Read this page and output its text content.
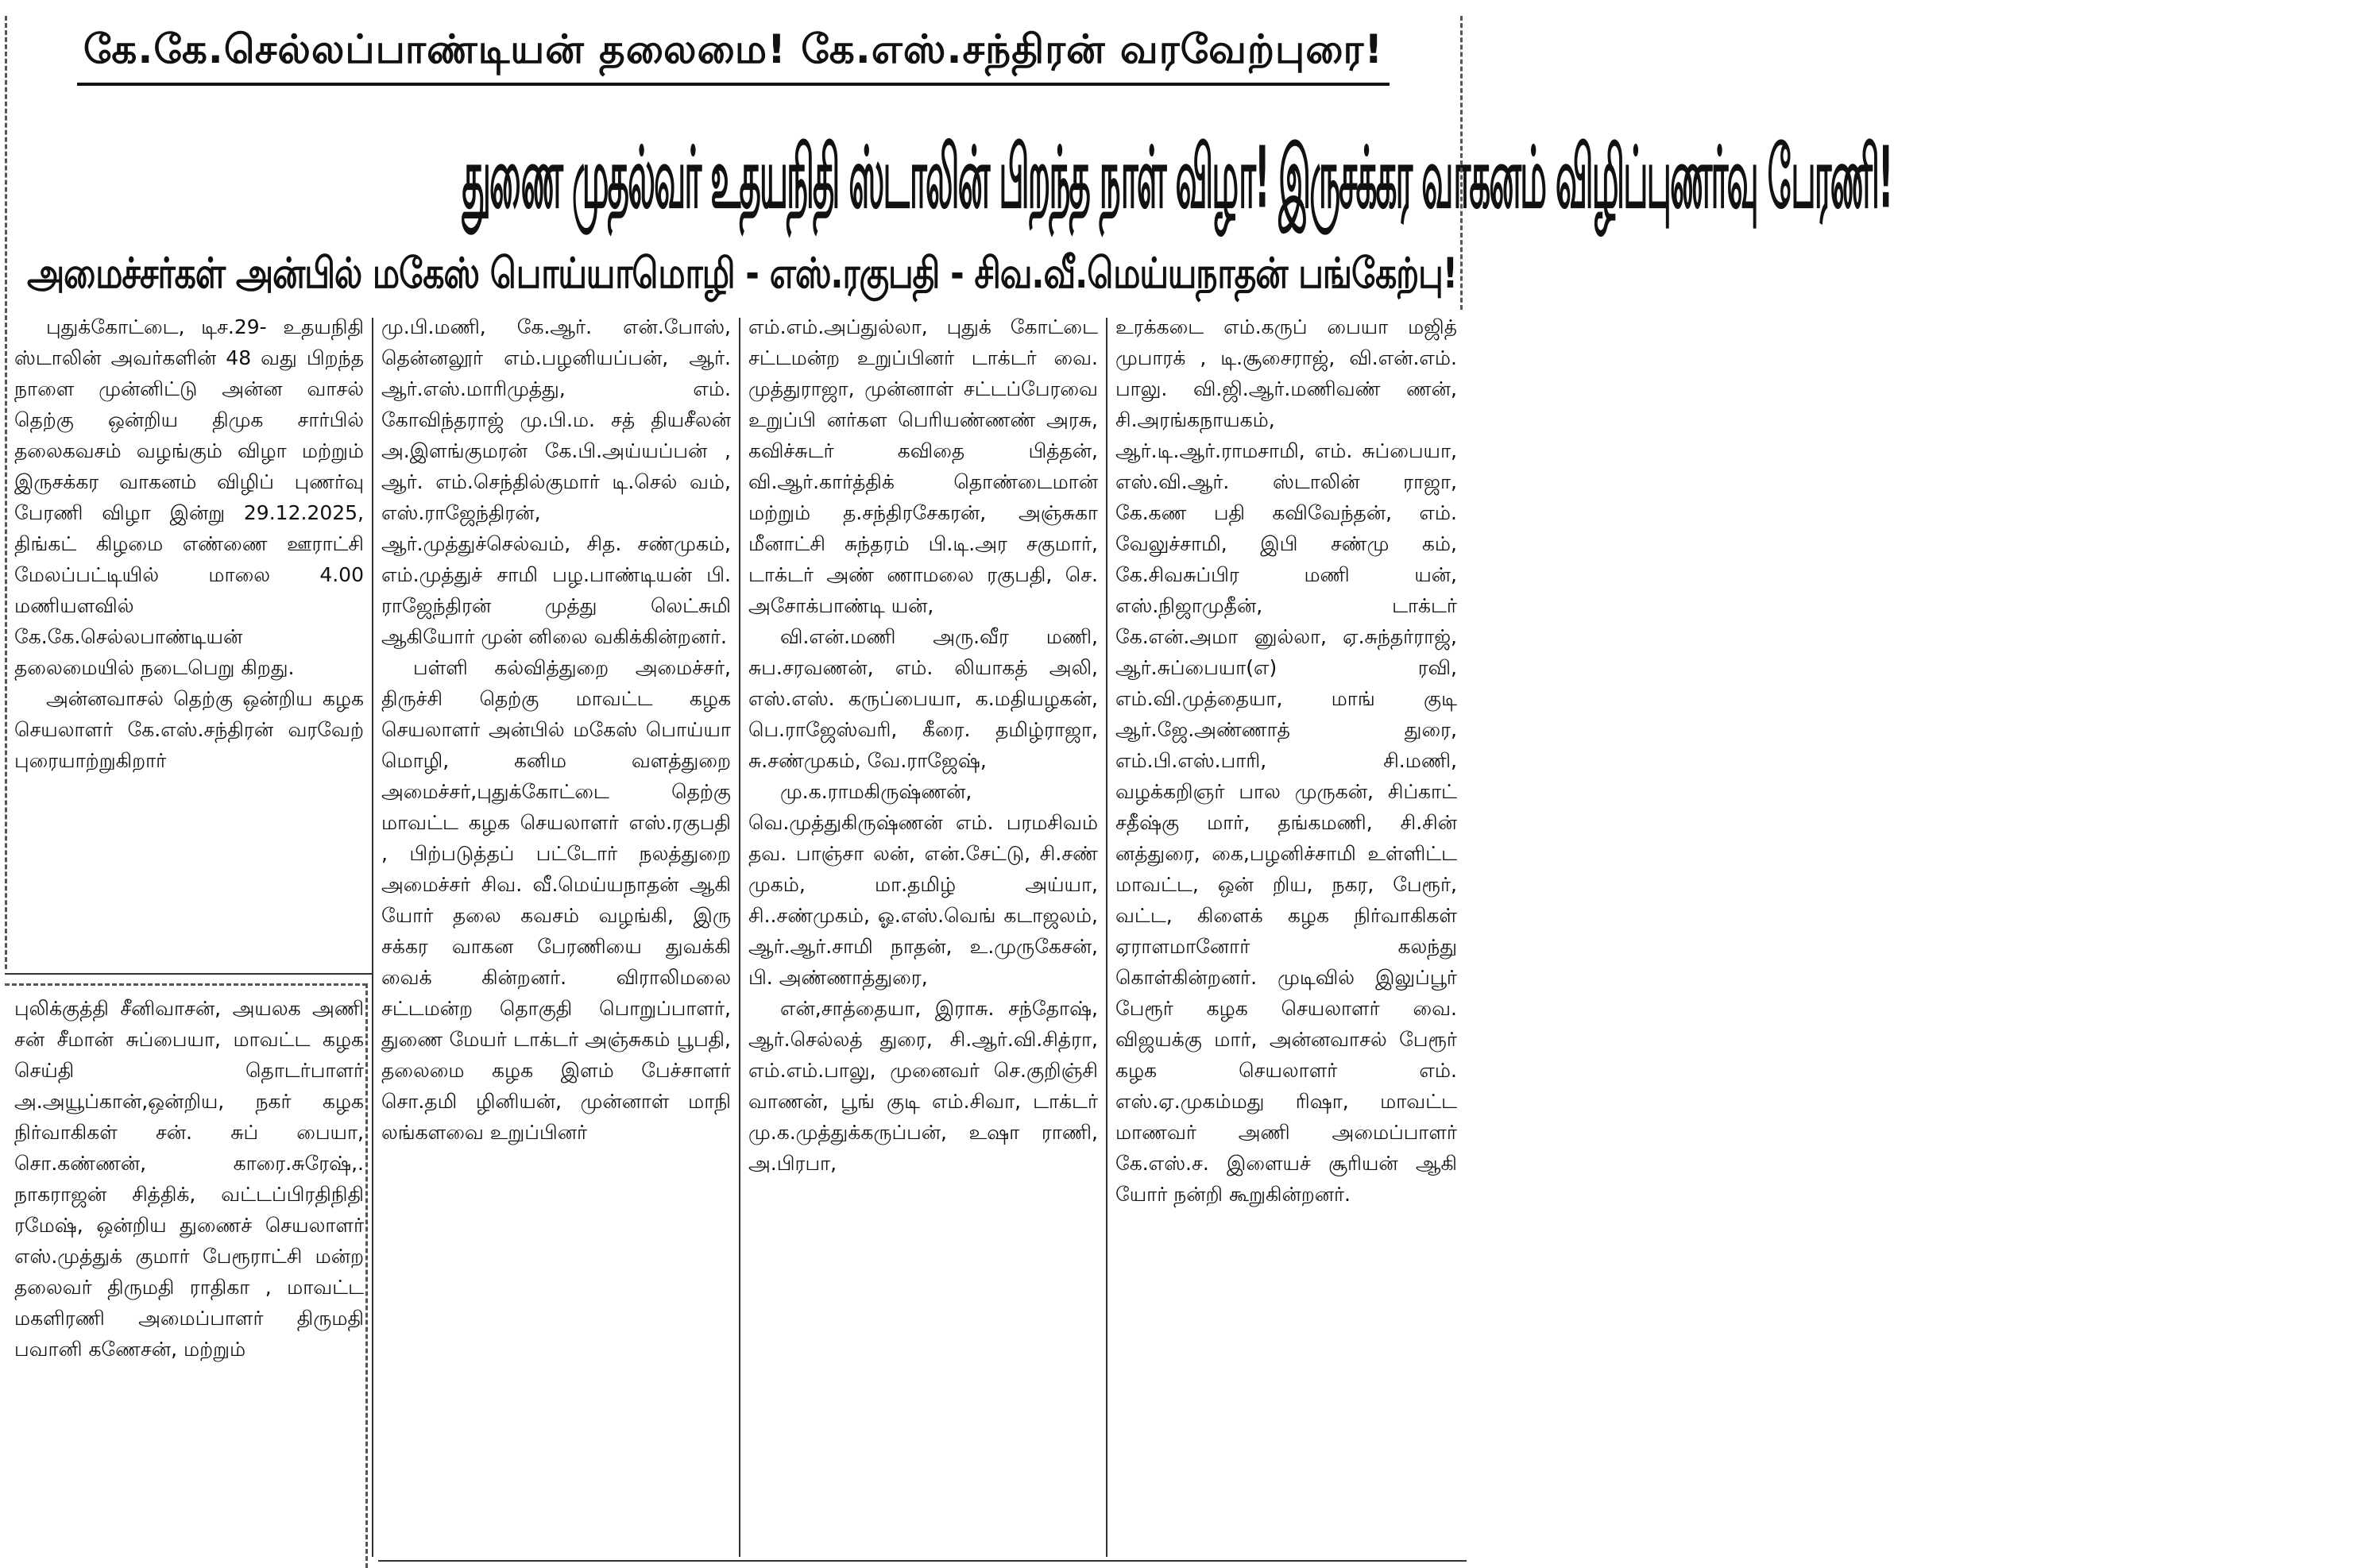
கே.கே.செல்லப்பாண்டியன் தலைமை! கே.எஸ்.சந்திரன் வரவேற்புரை!
துணை முதல்வர் உதயநிதி ஸ்டாலின் பிறந்த நாள் விழா! இருசக்கர வாகனம் விழிப்புணர்வு பேரணி!
அமைச்சர்கள் அன்பில் மகேஸ் பொய்யாமொழி - எஸ்.ரகுபதி - சிவ.வீ.மெய்யநாதன் பங்கேற்பு!

புதுக்கோட்டை, டிச.29- உதயநிதி ஸ்டாலின் அவர்களின் 48 வது பிறந்த நாளை முன்னிட்டு அன்ன வாசல் தெற்கு ஒன்றிய திமுக சார்பில் தலைகவசம் வழங்கும் விழா மற்றும் இருசக்கர வாகனம் விழிப் புணர்வு பேரணி விழா இன்று 29.12.2025, திங்கட் கிழமை எண்ணை ஊராட்சி மேலப்பட்டியில் மாலை 4.00 மணியளவில் கே.கே.செல்லபாண்டியன் தலைமையில் நடைபெறு கிறது.

அன்னவாசல் தெற்கு ஒன்றிய கழக செயலாளர் கே.எஸ்.சந்திரன் வரவேற் புரையாற்றுகிறார்

புலிக்குத்தி சீனிவாசன், அயலக அணி சன் சீமான் சுப்பையா, மாவட்ட கழக செய்தி தொடர்பாளர் அ.அயூப்கான்,ஒன்றிய, நகர் கழக நிர்வாகிகள் சன். சுப் பையா, சொ.கண்ணன், காரை.சுரேஷ்,. நாகராஜன் சித்திக், வட்டப்பிரதிநிதி ரமேஷ், ஒன்றிய துணைச் செயலாளர் எஸ்.முத்துக் குமார் பேரூராட்சி மன்ற தலைவர் திருமதி ராதிகா , மாவட்ட மகளிரணி அமைப்பாளர் திருமதி பவானி கணேசன், மற்றும்

மு.பி.மணி, கே.ஆர். என்.போஸ், தென்னலூர் எம்.பழனியப்பன், ஆர். ஆர்.எஸ்.மாரிமுத்து, எம். கோவிந்தராஜ் மு.பி.ம. சத் தியசீலன் அ.இளங்குமரன் கே.பி.அய்யப்பன் , ஆர். எம்.செந்தில்குமார் டி.செல் வம், எஸ்.ராஜேந்திரன், ஆர்.முத்துச்செல்வம், சித. சண்முகம், எம்.முத்துச் சாமி பழ.பாண்டியன் பி. ராஜேந்திரன் முத்து லெட்சுமி ஆகியோர் முன் னிலை வகிக்கின்றனர்.

பள்ளி கல்வித்துறை அமைச்சர், திருச்சி தெற்கு மாவட்ட கழக செயலாளர் அன்பில் மகேஸ் பொய்யா மொழி, கனிம வளத்துறை அமைச்சர்,புதுக்கோட்டை தெற்கு மாவட்ட கழக செயலாளர் எஸ்.ரகுபதி , பிற்படுத்தப் பட்டோர் நலத்துறை அமைச்சர் சிவ. வீ.மெய்யநாதன் ஆகி யோர் தலை கவசம் வழங்கி, இரு சக்கர வாகன பேரணியை துவக்கி வைக் கின்றனர். விராலிமலை சட்டமன்ற தொகுதி பொறுப்பாளர், துணை மேயர் டாக்டர் அஞ்சுகம் பூபதி, தலைமை கழக இளம் பேச்சாளர் சொ.தமி ழினியன், முன்னாள் மாநி லங்களவை உறுப்பினர்

எம்.எம்.அப்துல்லா, புதுக் கோட்டை சட்டமன்ற உறுப்பினர் டாக்டர் வை. முத்துராஜா, முன்னாள் சட்டப்பேரவை உறுப்பி னர்கள பெரியண்ணண் அரசு, கவிச்சுடர் கவிதை பித்தன், வி.ஆர்.கார்த்திக் தொண்டைமான் மற்றும் த.சந்திரசேகரன், அஞ்சுகா மீனாட்சி சுந்தரம் பி.டி.அர சகுமார், டாக்டர் அண் ணாமலை ரகுபதி, செ. அசோக்பாண்டி யன்,

வி.என்.மணி அரு.வீர மணி, சுப.சரவணன், எம். லியாகத் அலி, எஸ்.எஸ். கருப்பையா, க.மதியழகன், பெ.ராஜேஸ்வரி, கீரை. தமிழ்ராஜா, சு.சண்முகம், வே.ராஜேஷ்,

மு.க.ராமகிருஷ்ணன், வெ.முத்துகிருஷ்ணன் எம். பரமசிவம் தவ. பாஞ்சா லன், என்.சேட்டு, சி.சண் முகம், மா.தமிழ் அய்யா, சி..சண்முகம், ஓ.எஸ்.வெங் கடாஜலம், ஆர்.ஆர்.சாமி நாதன், உ.முருகேசன், பி. அண்ணாத்துரை,

என்,சாத்தையா, இராசு. சந்தோஷ், ஆர்.செல்லத் துரை, சி.ஆர்.வி.சித்ரா, எம்.எம்.பாலு, முனைவர் செ.குறிஞ்சி வாணன், பூங் குடி எம்.சிவா, டாக்டர் மு.க.முத்துக்கருப்பன், உஷா ராணி, அ.பிரபா,

உரக்கடை எம்.கருப் பையா மஜித் முபாரக் , டி.சூசைராஜ், வி.என்.எம். பாலு. வி.ஜி.ஆர்.மணிவண் ணன், சி.அரங்கநாயகம், ஆர்.டி.ஆர்.ராமசாமி, எம். சுப்பையா, எஸ்.வி.ஆர். ஸ்டாலின் ராஜா, கே.கண பதி கவிவேந்தன், எம். வேலுச்சாமி, இபி சண்மு கம், கே.சிவசுப்பிர மணி யன், எஸ்.நிஜாமுதீன், டாக்டர் கே.என்.அமா னுல்லா, ஏ.சுந்தர்ராஜ், ஆர்.சுப்பையா(எ) ரவி, எம்.வி.முத்தையா, மாங் குடி ஆர்.ஜே.அண்ணாத் துரை, எம்.பி.எஸ்.பாரி, சி.மணி, வழக்கறிஞர் பால முருகன், சிப்காட் சதீஷ்கு மார், தங்கமணி, சி.சின் னத்துரை, கை,பழனிச்சாமி உள்ளிட்ட மாவட்ட, ஒன் றிய, நகர, பேரூர், வட்ட, கிளைக் கழக நிர்வாகிகள் ஏராளமானோர் கலந்து கொள்கின்றனர். முடிவில் இலுப்பூர் பேரூர் கழக செயலாளர் வை. விஜயக்கு மார், அன்னவாசல் பேரூர் கழக செயலாளர் எம். எஸ்.ஏ.முகம்மது ரிஷா, மாவட்ட மாணவர் அணி அமைப்பாளர் கே.எஸ்.ச. இளையச் சூரியன் ஆகி யோர் நன்றி கூறுகின்றனர்.
